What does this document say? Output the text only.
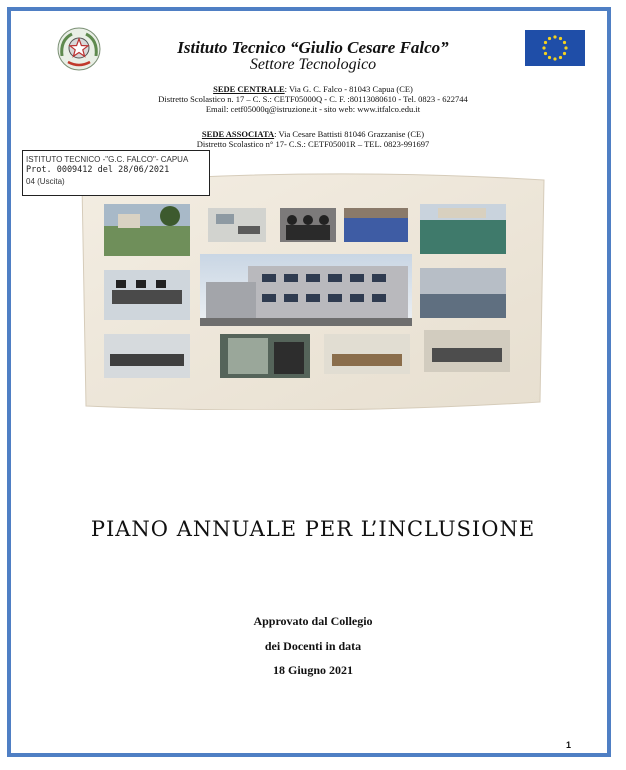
Istituto Tecnico “Giulio Cesare Falco”
Settore Tecnologico
SEDE CENTRALE: Via G. C. Falco - 81043 Capua (CE)
Distretto Scolastico n. 17 – C. S.: CETF05000Q - C. F. :80113080610 - Tel. 0823 - 622744
Email: cetf05000q@istruzione.it - sito web: www.itfalco.edu.it
SEDE ASSOCIATA: Via Cesare Battisti 81046 Grazzanise (CE)
Distretto Scolastico n° 17- C.S.: CETF05001R – TEL. 0823-991697
ISTITUTO TECNICO -"G.C. FALCO"- CAPUA
Prot. 0009412 del 28/06/2021
04 (Uscita)
PIANO ANNUALE PER L’INCLUSIONE
Approvato dal Collegio
dei Docenti in data
18 Giugno 2021
1
